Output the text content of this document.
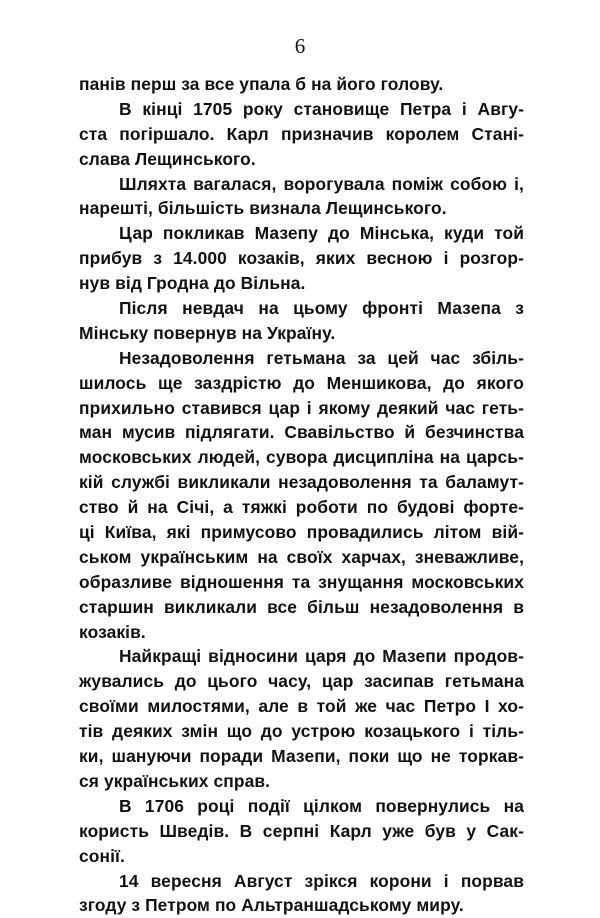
6
панів перш за все упала б на його голову.
В кінці 1705 року становище Петра і Авгу-
ста погіршало. Карл призначив королем Стані-
слава Лещинського.
Шляхта вагалася, ворогувала поміж собою і,
нарешті, більшість визнала Лещинського.
Цар покликав Мазепу до Мінська, куди той
прибув з 14.000 козаків, яких весною і розгор-
нув від Гродна до Вільна.
Після невдач на цьому фронті Мазепа з
Мінську повернув на Україну.
Незадоволення гетьмана за цей час збіль-
шилось ще заздрістю до Меншикова, до якого
прихильно ставився цар і якому деякий час геть-
ман мусив підлягати. Свавільство й безчинства
московських людей, сувора дисципліна на царсь-
кій службі викликали незадоволення та баламут-
ство й на Січі, а тяжкі роботи по будові форте-
ці Київа, які примусово провадились літом вій-
ськом українським на своїх харчах, зневажливе,
образливе відношення та знущання московських
старшин викликали все більш незадоволення в
козаків.
Найкращі відносини царя до Мазепи продов-
жувались до цього часу, цар засипав гетьмана
своїми милостями, але в той же час Петро І хо-
тів деяких змін що до устрою козацького і тіль-
ки, шануючи поради Мазепи, поки що не торкав-
ся українських справ.
В 1706 році події цілком повернулись на
користь Шведів. В серпні Карл уже був у Сак-
сонії.
14 вересня Август зрікся корони і порвав
згоду з Петром по Альтраншадському миру.
